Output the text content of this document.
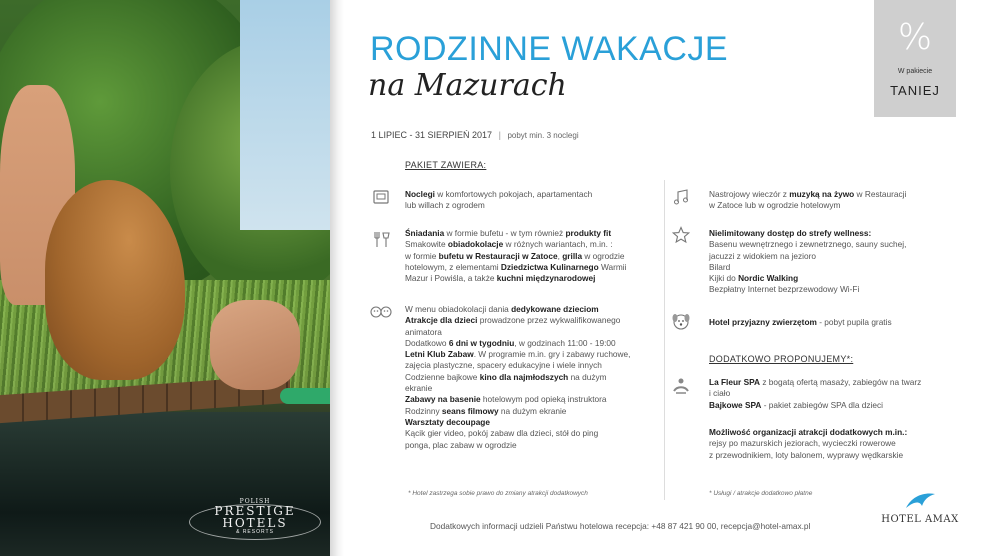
POLISH
PRESTIGE
HOTELS
& RESORTS
RODZINNE WAKACJE
na Mazurach
1 LIPIEC - 31 SIERPIEŃ 2017 | pobyt min. 3 noclegi
%
W pakiecie
TANIEJ
PAKIET ZAWIERA:
Noclegi w komfortowych pokojach, apartamentach
lub willach z ogrodem
Śniadania w formie bufetu - w tym również produkty fit
Smakowite obiadokolacje w różnych wariantach, m.in. :
w formie bufetu w Restauracji w Zatoce, grilla w ogrodzie
hotelowym, z elementami Dziedzictwa Kulinarnego Warmii
Mazur i Powiśla, a także kuchni międzynarodowej
W menu obiadokolacji dania dedykowane dzieciom
Atrakcje dla dzieci prowadzone przez wykwalifikowanego
animatora
Dodatkowo 6 dni w tygodniu, w godzinach 11:00 - 19:00
Letni Klub Zabaw. W programie m.in. gry i zabawy ruchowe,
zajęcia plastyczne, spacery edukacyjne i wiele innych
Codzienne bajkowe kino dla najmłodszych na dużym
ekranie
Zabawy na basenie hotelowym pod opieką instruktora
Rodzinny seans filmowy na dużym ekranie
Warsztaty decoupage
Kącik gier video, pokój zabaw dla dzieci, stół do ping
ponga, plac zabaw w ogrodzie
* Hotel zastrzega sobie prawo do zmiany atrakcji dodatkowych
Nastrojowy wieczór z muzyką na żywo w Restauracji
w Zatoce lub w ogrodzie hotelowym
Nielimitowany dostęp do strefy wellness:
Basenu wewnętrznego i zewnetrznego, sauny suchej,
jacuzzi z widokiem na jezioro
Bilard
Kijki do Nordic Walking
Bezpłatny Internet bezprzewodowy Wi-Fi
Hotel przyjazny zwierzętom - pobyt pupila gratis
DODATKOWO PROPONUJEMY*:
La Fleur SPA z bogatą ofertą masaży, zabiegów na twarz
i ciało
Bajkowe SPA - pakiet zabiegów SPA dla dzieci
Możliwość organizacji atrakcji dodatkowych m.in.:
rejsy po mazurskich jeziorach, wycieczki rowerowe
z przewodnikiem, loty balonem, wyprawy wędkarskie
* Usługi / atrakcje dodatkowo płatne
Dodatkowych informacji udzieli Państwu hotelowa recepcja: +48 87 421 90 00, recepcja@hotel-amax.pl
HOTEL AMAX
